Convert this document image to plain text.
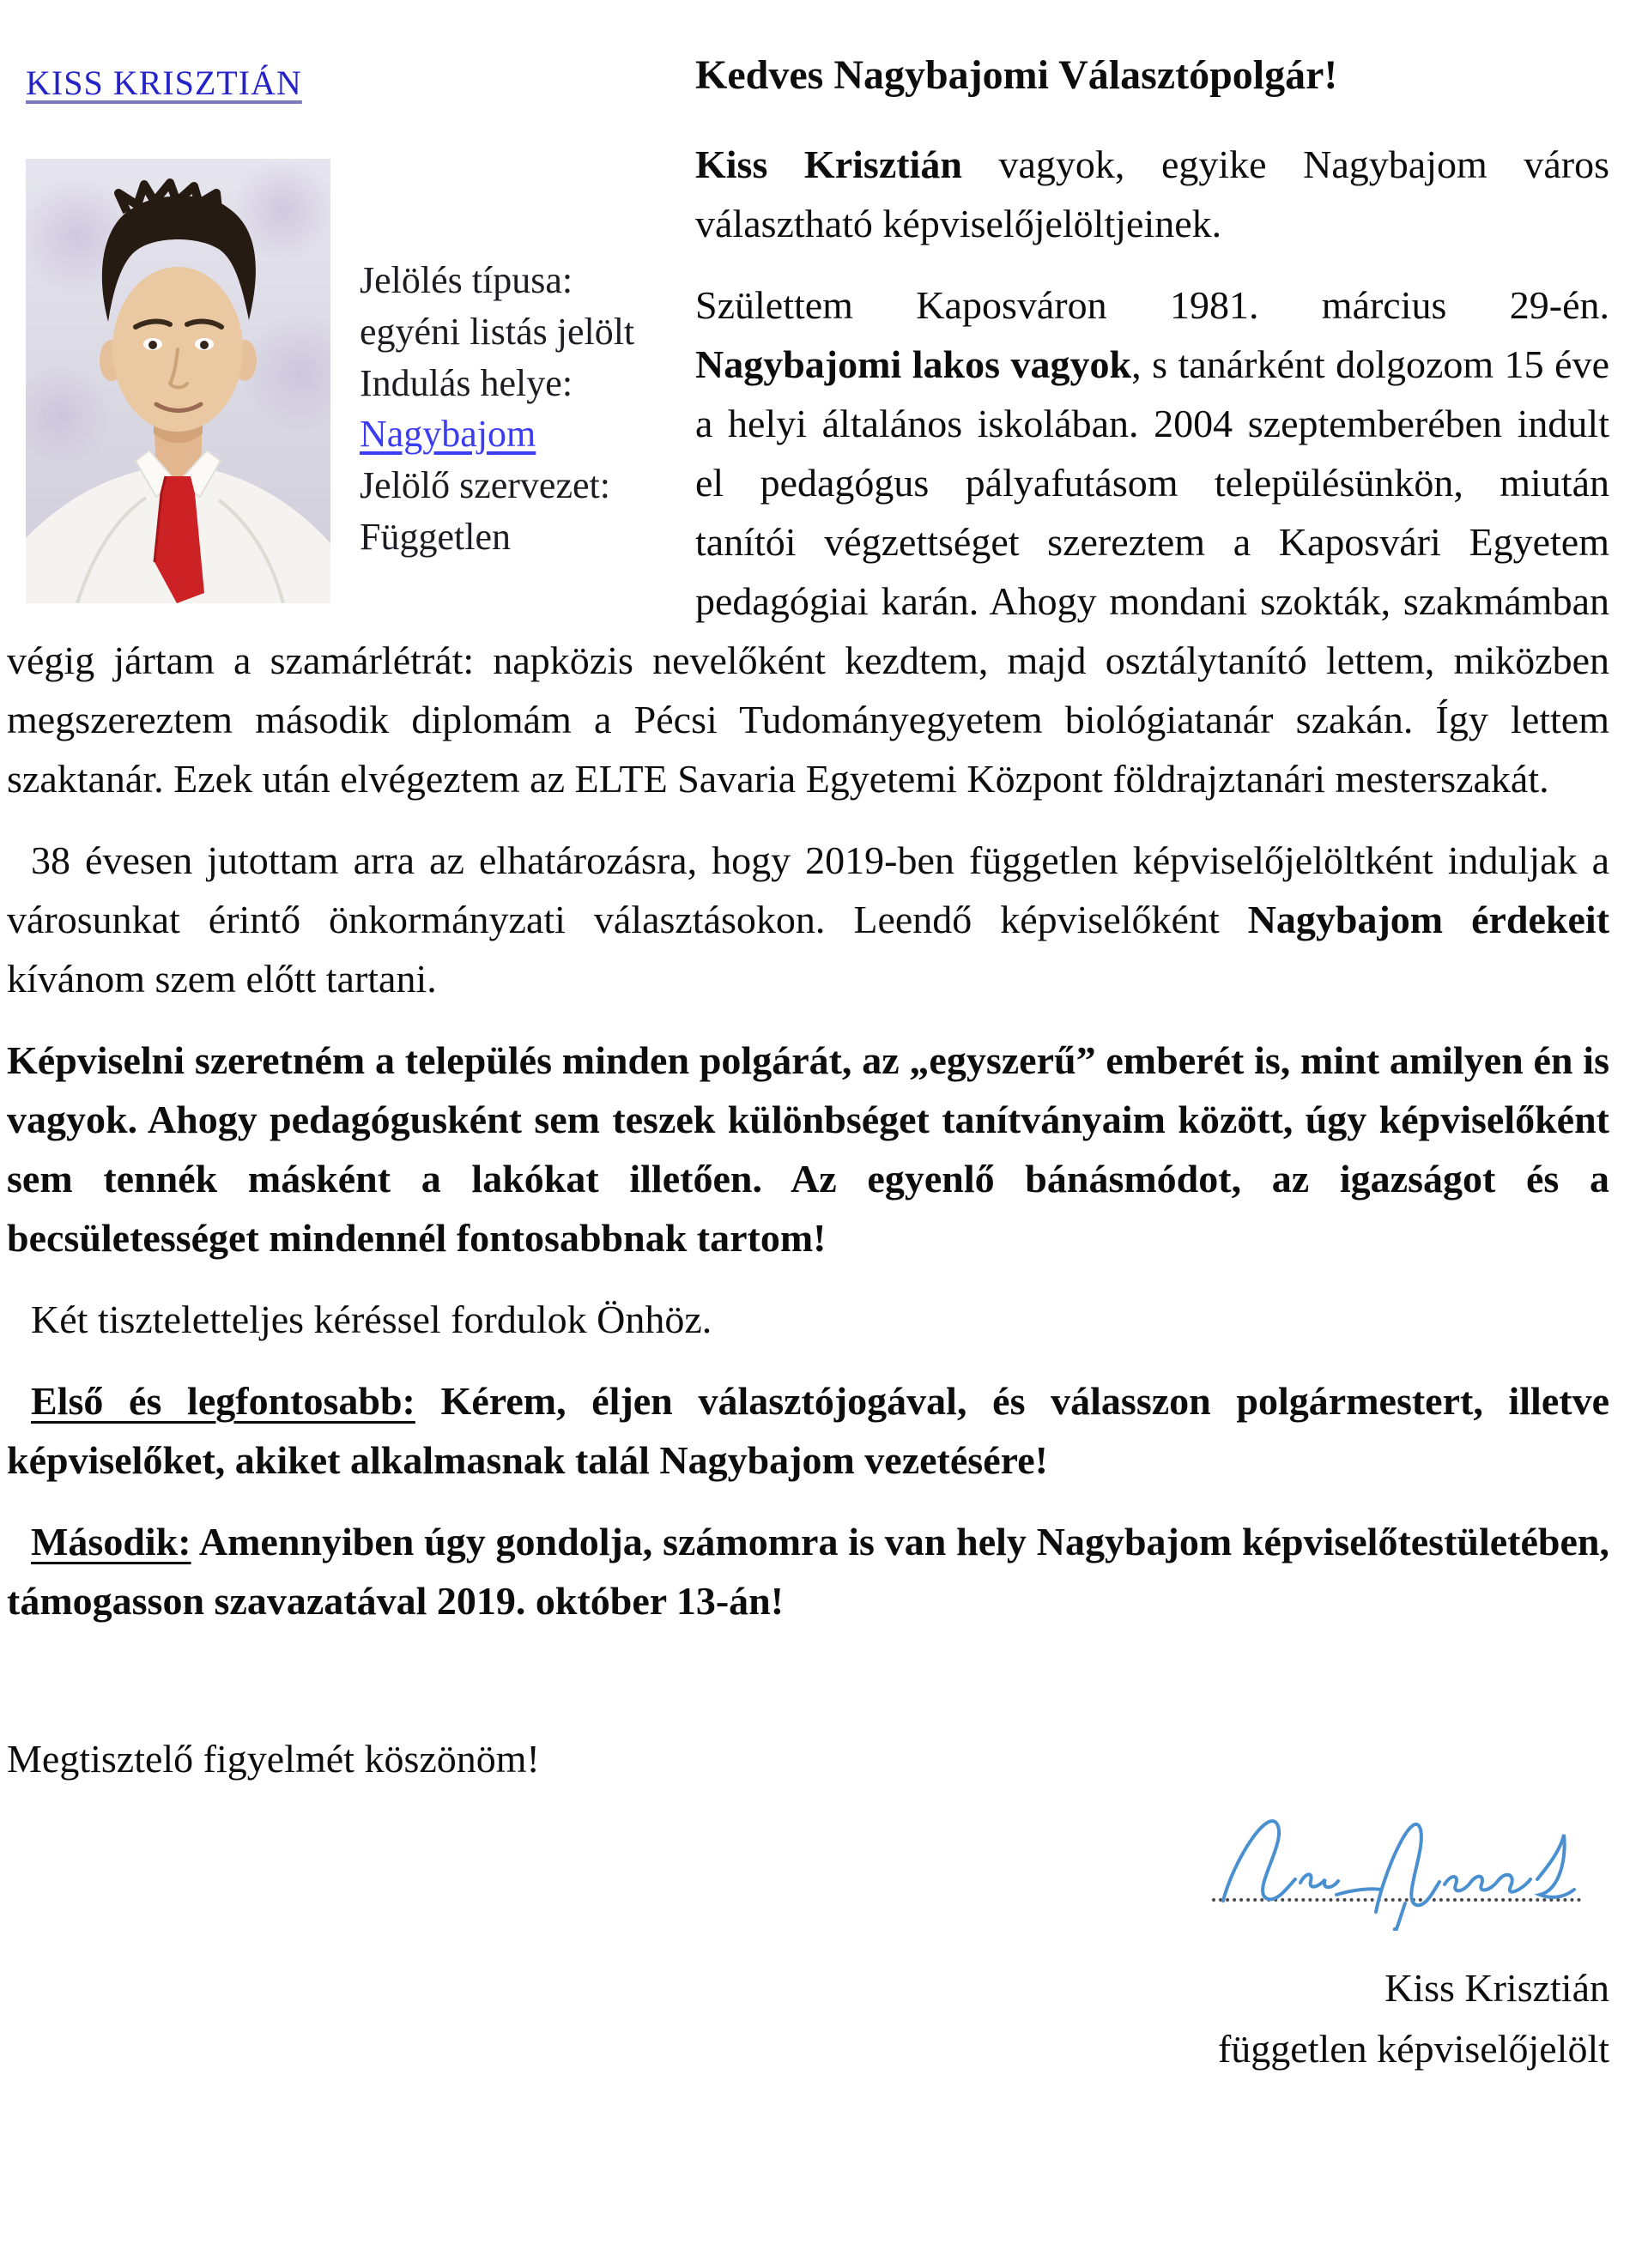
KISS KRISZTIÁN
Jelölés típusa:
egyéni listás jelölt
Indulás helye:
Nagybajom
Jelölő szervezet:
Független
Kedves Nagybajomi Választópolgár!

Kiss Krisztián vagyok, egyike Nagybajom város választható képviselőjelöltjeinek.

Születtem Kaposváron 1981. március 29-én. Nagybajomi lakos vagyok, s tanárként dolgozom 15 éve a helyi általános iskolában. 2004 szeptemberében indult el pedagógus pályafutásom településünkön, miután tanítói végzettséget szereztem a Kaposvári Egyetem pedagógiai karán. Ahogy mondani szokták, szakmámban végig jártam a szamárlétrát: napközis nevelőként kezdtem, majd osztálytanító lettem, miközben megszereztem második diplomám a Pécsi Tudományegyetem biológiatanár szakán. Így lettem szaktanár. Ezek után elvégeztem az ELTE Savaria Egyetemi Központ földrajztanári mesterszakát.

38 évesen jutottam arra az elhatározásra, hogy 2019-ben független képviselőjelöltként induljak a városunkat érintő önkormányzati választásokon. Leendő képviselőként Nagybajom érdekeit kívánom szem előtt tartani.

Képviselni szeretném a település minden polgárát, az „egyszerű” emberét is, mint amilyen én is vagyok. Ahogy pedagógusként sem teszek különbséget tanítványaim között, úgy képviselőként sem tennék másként a lakókat illetően. Az egyenlő bánásmódot, az igazságot és a becsületességet mindennél fontosabbnak tartom!

Két tiszteletteljes kéréssel fordulok Önhöz.

Első és legfontosabb: Kérem, éljen választójogával, és válasszon polgármestert, illetve képviselőket, akiket alkalmasnak talál Nagybajom vezetésére!

Második: Amennyiben úgy gondolja, számomra is van hely Nagybajom képviselőtestületében, támogasson szavazatával 2019. október 13-án!

Megtisztelő figyelmét köszönöm!

Kiss Krisztián
független képviselőjelölt
